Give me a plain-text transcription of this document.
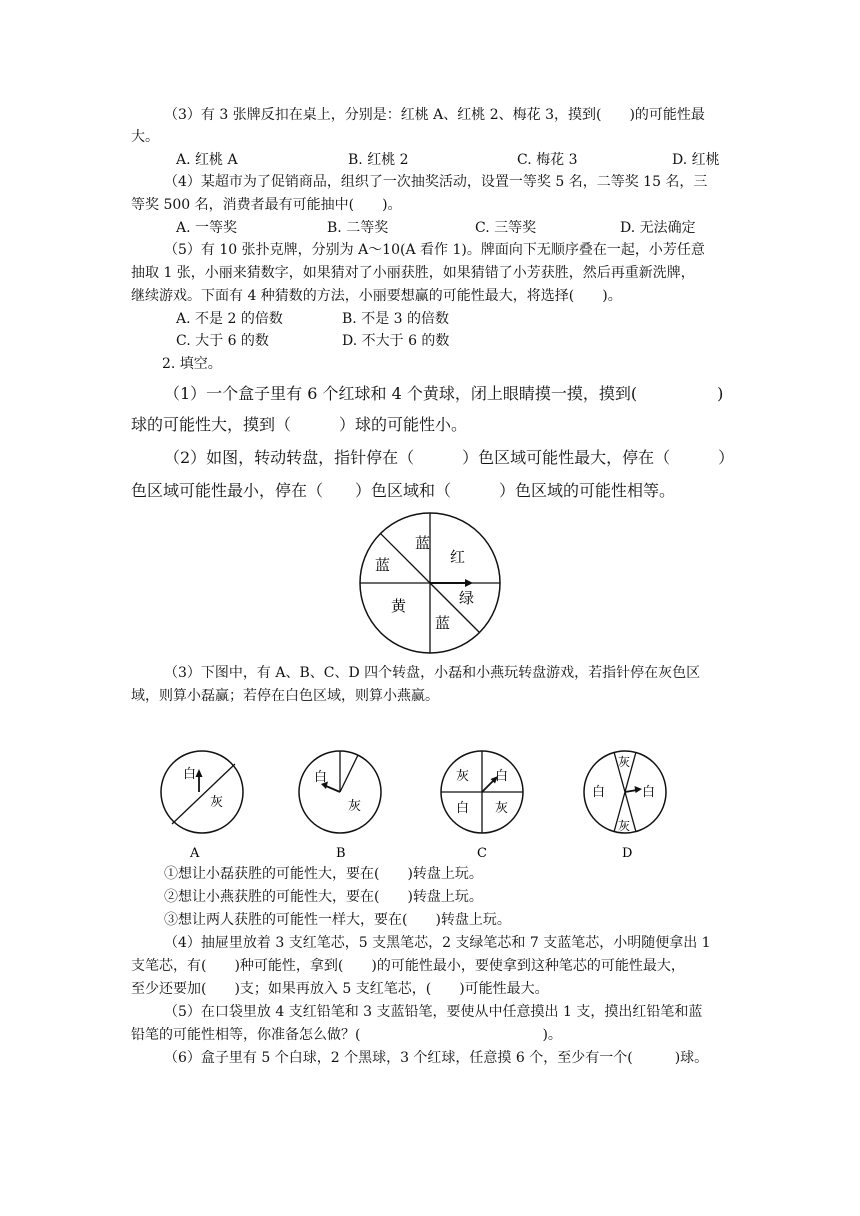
（3）有 3 张牌反扣在桌上，分别是：红桃 A、红桃 2、梅花 3，摸到(　　)的可能性最
大。
A. 红桃 A	B. 红桃 2	C. 梅花 3	D. 红桃
（4）某超市为了促销商品，组织了一次抽奖活动，设置一等奖 5 名，二等奖 15 名，三
等奖 500 名，消费者最有可能抽中(　　)。
A. 一等奖	B. 二等奖	C. 三等奖	D. 无法确定
（5）有 10 张扑克牌，分别为 A～10(A 看作 1)。牌面向下无顺序叠在一起，小芳任意
抽取 1 张，小丽来猜数字，如果猜对了小丽获胜，如果猜错了小芳获胜，然后再重新洗牌，
继续游戏。下面有 4 种猜数的方法，小丽要想赢的可能性最大，将选择(　　)。
A. 不是 2 的倍数	B. 不是 3 的倍数
C. 大于 6 的数	D. 不大于 6 的数
2. 填空。
（1）一个盒子里有 6 个红球和 4 个黄球，闭上眼睛摸一摸，摸到(　　　　　)
球的可能性大，摸到（　　　）球的可能性小。
（2）如图，转动转盘，指针停在（　　　）色区域可能性最大，停在（　　　）
色区域可能性最小，停在（　　）色区域和（　　　）色区域的可能性相等。
蓝
红
蓝
黄	绿
蓝
（3）下图中，有 A、B、C、D 四个转盘，小磊和小燕玩转盘游戏，若指针停在灰色区
域，则算小磊赢；若停在白色区域，则算小燕赢。
白
灰
A
白
灰
B
灰 白
白 灰
C
灰
白	白
灰
D
①想让小磊获胜的可能性大，要在(　　)转盘上玩。
②想让小燕获胜的可能性大，要在(　　)转盘上玩。
③想让两人获胜的可能性一样大，要在(　　)转盘上玩。
（4）抽屉里放着 3 支红笔芯，5 支黑笔芯，2 支绿笔芯和 7 支蓝笔芯，小明随便拿出 1
支笔芯，有(　　)种可能性，拿到(　　)的可能性最小，要使拿到这种笔芯的可能性最大，
至少还要加(　　)支；如果再放入 5 支红笔芯，(　　)可能性最大。
（5）在口袋里放 4 支红铅笔和 3 支蓝铅笔，要使从中任意摸出 1 支，摸出红铅笔和蓝
铅笔的可能性相等，你准备怎么做？(　　　　　　　　　　　　　)。
（6）盒子里有 5 个白球，2 个黑球，3 个红球，任意摸 6 个，至少有一个(　　　)球。
